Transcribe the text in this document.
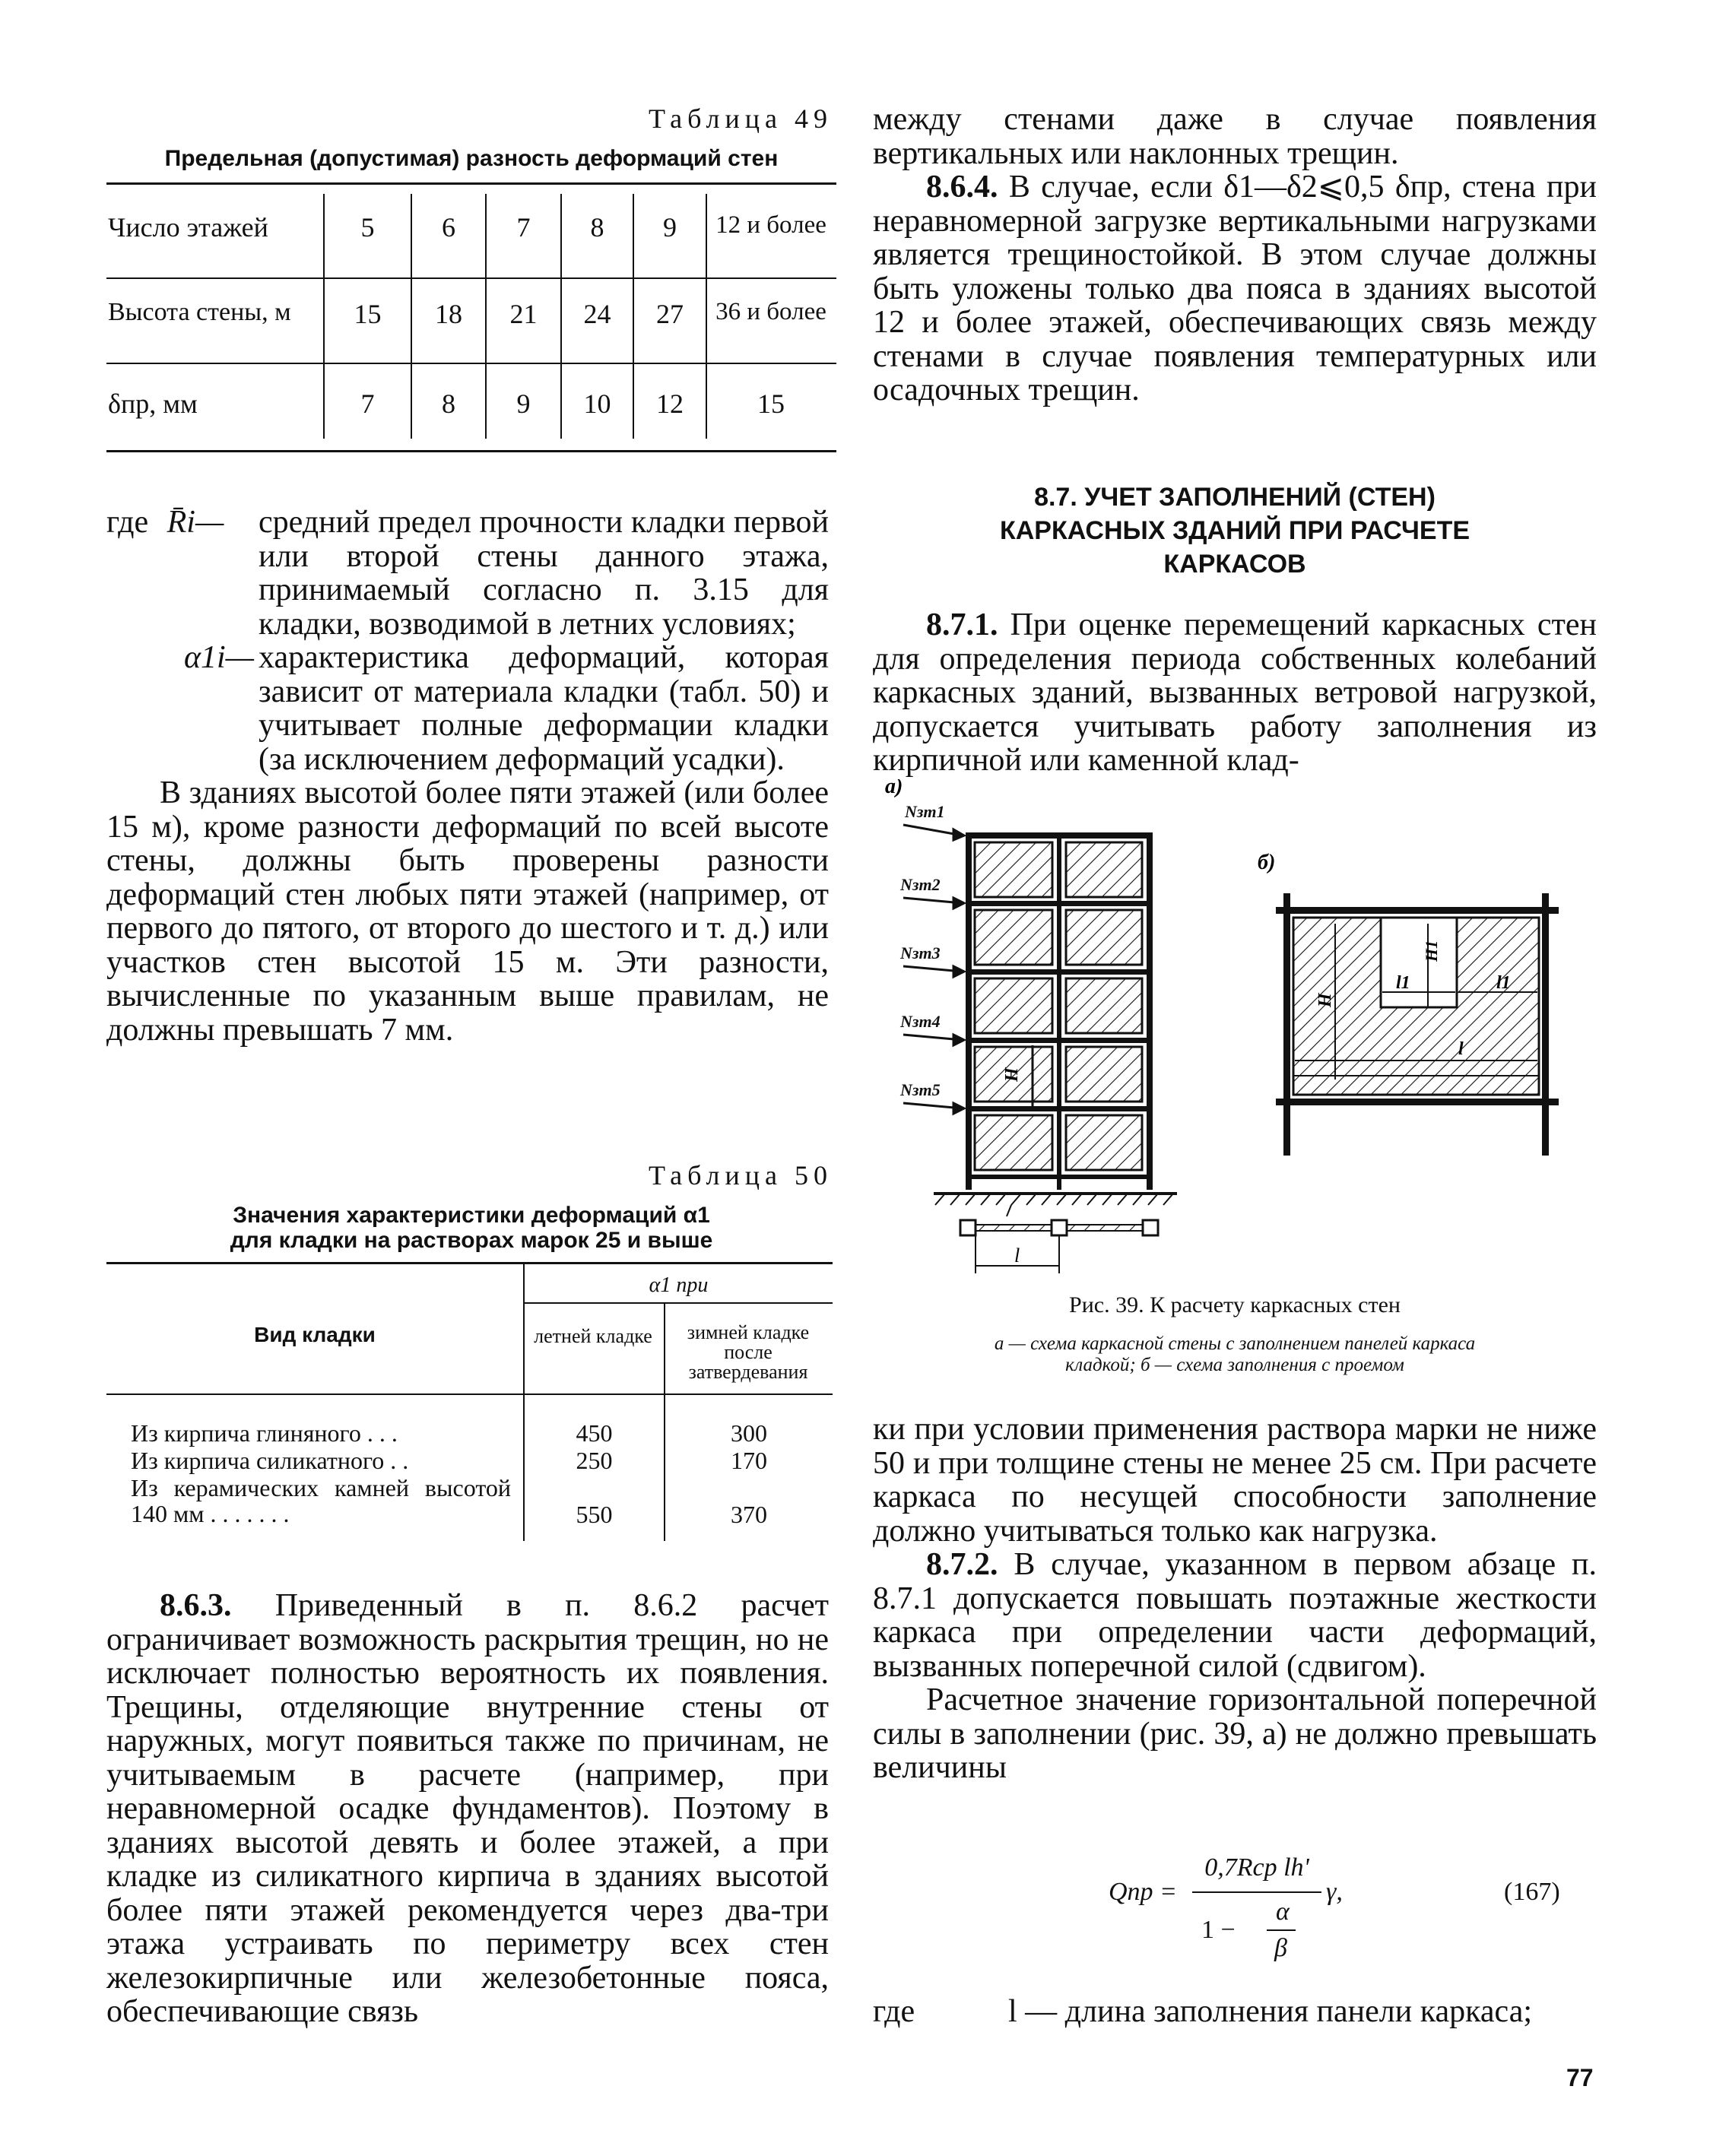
Таблица 49
Предельная (допустимая) разность деформаций стен
Число этажей	5	6	7	8	9	12 и более
Высота стены, м	15	18	21	24	27	36 и более
δпр, мм	7	8	9	10	12	15
где R̄i—	средний предел прочности кладки первой или второй стены данного этажа, принимаемый согласно п. 3.15 для кладки, возводимой в летних условиях;
α1i— характеристика деформаций, которая зависит от материала кладки (табл. 50) и учитывает полные деформации кладки (за исключением деформаций усадки).

В зданиях высотой более пяти этажей (или более 15 м), кроме разности деформаций по всей высоте стены, должны быть проверены разности деформаций стен любых пяти этажей (например, от первого до пятого, от второго до шестого и т. д.) или участков стен высотой 15 м. Эти разности, вычисленные по указанным выше правилам, не должны превышать 7 мм.

Таблица 50
Значения характеристики деформаций α1
для кладки на растворах марок 25 и выше
Вид кладки
α1 при
летней кладке	зимней кладке после затвердевания
Из кирпича глиняного . . .	450	300
Из кирпича силикатного . .	250	170
Из керамических камней высотой 140 мм . . . . . . .	550	370

8.6.3. Приведенный в п. 8.6.2 расчет ограничивает возможность раскрытия трещин, но не исключает полностью вероятность их появления. Трещины, отделяющие внутренние стены от наружных, могут появиться также по причинам, не учитываемым в расчете (например, при неравномерной осадке фундаментов). Поэтому в зданиях высотой девять и более этажей, а при кладке из силикатного кирпича в зданиях высотой более пяти этажей рекомендуется через два-три этажа устраивать по периметру всех стен железокирпичные или железобетонные пояса, обеспечивающие связь

между стенами даже в случае появления вертикальных или наклонных трещин.

8.6.4. В случае, если δ1—δ2⩽0,5 δпр, стена при неравномерной загрузке вертикальными нагрузками является трещиностойкой. В этом случае должны быть уложены только два пояса в зданиях высотой 12 и более этажей, обеспечивающих связь между стенами в случае появления температурных или осадочных трещин.

8.7. УЧЕТ ЗАПОЛНЕНИЙ (СТЕН)
КАРКАСНЫХ ЗДАНИЙ ПРИ РАСЧЕТЕ
КАРКАСОВ

8.7.1. При оценке перемещений каркасных стен для определения периода собственных колебаний каркасных зданий, вызванных ветровой нагрузкой, допускается учитывать работу заполнения из кирпичной или каменной клад-

а)
H
Nзт1
Nзт2
Nзт3
Nзт4
Nзт5
l
б)
H
H1
l1	l1
l
Рис. 39. К расчету каркасных стен
а — схема каркасной стены с заполнением панелей каркаса
кладкой; б — схема заполнения с проемом

ки при условии применения раствора марки не ниже 50 и при толщине стены не менее 25 см. При расчете каркаса по несущей способности заполнение должно учитываться только как нагрузка.

8.7.2. В случае, указанном в первом абзаце п. 8.7.1 допускается повышать поэтажные жесткости каркаса при определении части деформаций, вызванных поперечной силой (сдвигом).

Расчетное значение горизонтальной поперечной силы в заполнении (рис. 39, а) не должно превышать величины

Qпр =
0,7Rср lh'
1 −
α
β
γ,	(167)
где	l — длина заполнения панели каркаса;
77
